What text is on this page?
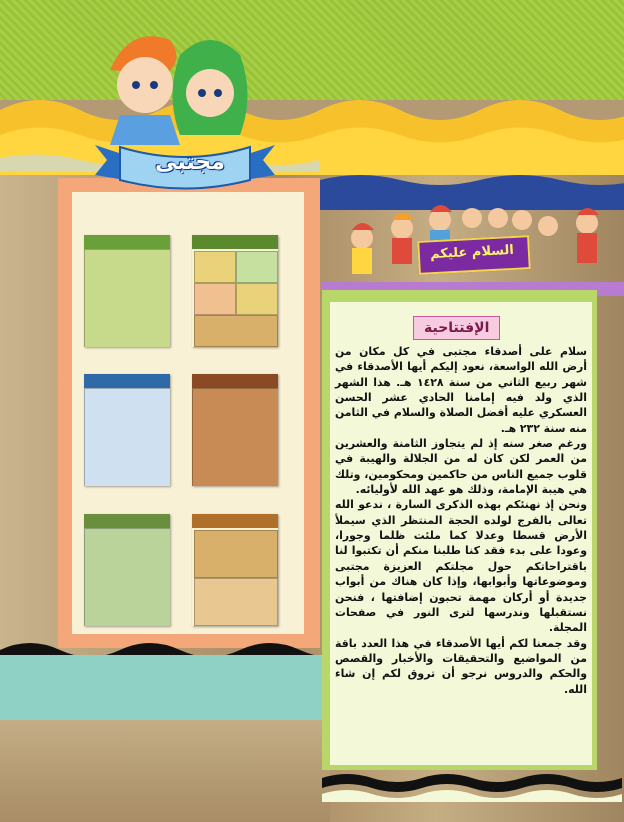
السلام عليكم
الإفتتاحية

سلام على أصدقاء مجتبى في كل مكان من أرض الله الواسعة، نعود إليكم أيها الأصدقاء في شهر ربيع الثاني من سنة ١٤٢٨ هـ. هذا الشهر الذي ولد فيه إمامنا الحادي عشر الحسن العسكري عليه أفضل الصلاة والسلام في الثامن منه سنة ٢٣٢ هـ.

ورغم صغر سنه إذ لم يتجاوز الثامنة والعشرين من العمر لكن كان له من الجلالة والهيبة في قلوب جميع الناس من حاكمين ومحكومين، وتلك هي هيبة الإمامة، وذلك هو عهد الله لأوليائه.

ونحن إذ نهنئكم بهذه الذكرى السارة ، ندعو الله تعالى بالفرج لولده الحجة المنتظر الذي سيملأ الأرض قسطا وعدلا كما ملئت ظلما وجورا، وعودا على بدء فقد كنا طلبنا منكم أن تكتبوا لنا باقتراحاتكم حول مجلتكم العزيزة مجتبى وموضوعاتها وأبوابها، وإذا كان هناك من أبواب جديدة أو أركان مهمة تحبون إضافتها ، فنحن نستقبلها وندرسها لترى النور في صفحات المجلة.

وقد جمعنا لكم أيها الأصدقاء في هذا العدد باقة من المواضيع والتحقيقات والأخبار والقصص والحكم والدروس نرجو أن تروق لكم إن شاء الله.

مجتبى
